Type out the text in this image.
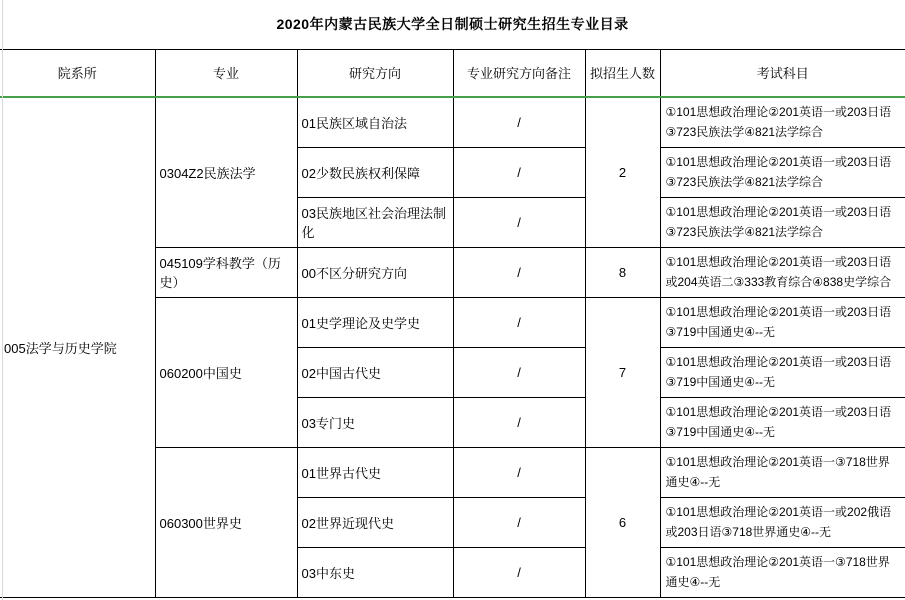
2020年内蒙古民族大学全日制硕士研究生招生专业目录					
院系所	专业	研究方向	专业研究方向备注	拟招生人数	考试科目
005法学与历史学院	0304Z2民族法学	01民族区域自治法	/	2	①101思想政治理论②201英语一或203日语③723民族法学④821法学综合
		02少数民族权利保障	/		①101思想政治理论②201英语一或203日语③723民族法学④821法学综合
		03民族地区社会治理法制化	/		①101思想政治理论②201英语一或203日语③723民族法学④821法学综合
	045109学科教学（历史）	00不区分研究方向	/	8	①101思想政治理论②201英语一或203日语或204英语二③333教育综合④838史学综合
	060200中国史	01史学理论及史学史	/	7	①101思想政治理论②201英语一或203日语③719中国通史④--无
		02中国古代史	/		①101思想政治理论②201英语一或203日语③719中国通史④--无
		03专门史	/		①101思想政治理论②201英语一或203日语③719中国通史④--无
	060300世界史	01世界古代史	/	6	①101思想政治理论②201英语一③718世界通史④--无
		02世界近现代史	/		①101思想政治理论②201英语一或202俄语或203日语③718世界通史④--无
		03中东史	/		①101思想政治理论②201英语一③718世界通史④--无
